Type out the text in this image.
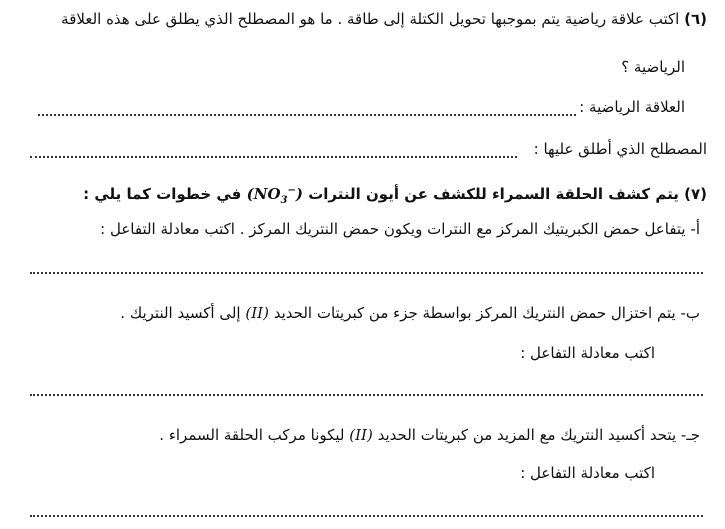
(٦) اكتب علاقة رياضية يتم بموجبها تحويل الكتلة إلى طاقة . ما هو المصطلح الذي يطلق على هذه العلاقة
الرياضية ؟
العلاقة الرياضية :
المصطلح الذي أطلق عليها :
(٧) يتم كشف الحلقة السمراء للكشف عن أيون النترات $(NO_3^-)$ في خطوات كما يلي :
أ- يتفاعل حمض الكبريتيك المركز مع النترات ويكون حمض النتريك المركز . اكتب معادلة التفاعل :
ب- يتم اختزال حمض النتريك المركز بواسطة جزء من كبريتات الحديد (II) إلى أكسيد النتريك .
اكتب معادلة التفاعل :
جـ- يتحد أكسيد النتريك مع المزيد من كبريتات الحديد (II) ليكونا مركب الحلقة السمراء .
اكتب معادلة التفاعل :
